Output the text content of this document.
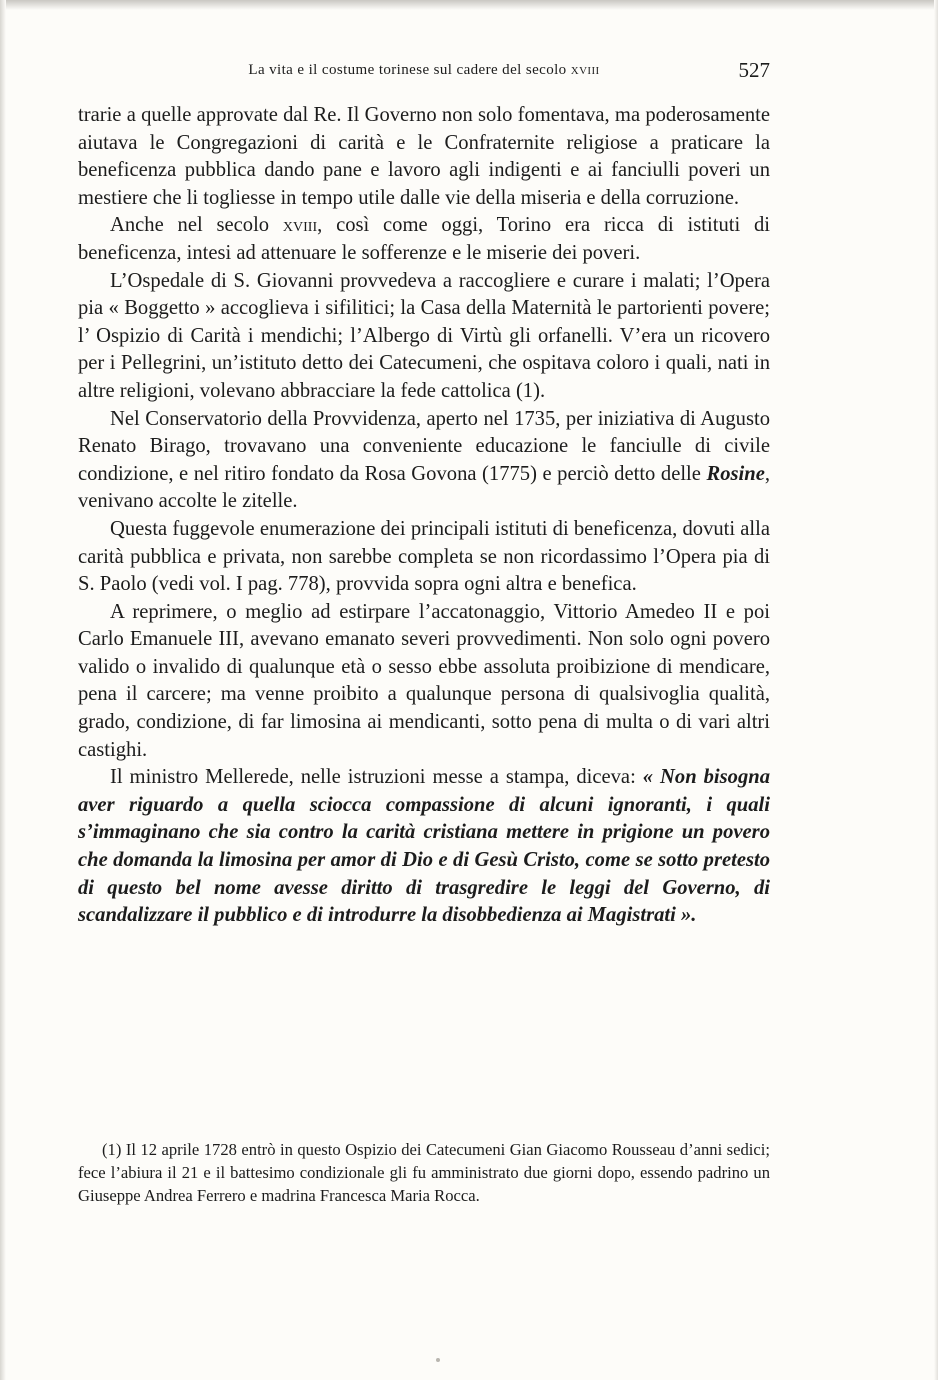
La vita e il costume torinese sul cadere del secolo xviii	527

trarie a quelle approvate dal Re. Il Governo non solo fomentava, ma poderosamente aiutava le Congregazioni di carità e le Confraternite religiose a praticare la beneficenza pubblica dando pane e lavoro agli indigenti e ai fanciulli poveri un mestiere che li togliesse in tempo utile dalle vie della miseria e della corruzione.

Anche nel secolo xviii, così come oggi, Torino era ricca di istituti di beneficenza, intesi ad attenuare le sofferenze e le miserie dei poveri.

L’Ospedale di S. Giovanni provvedeva a raccogliere e curare i malati; l’Opera pia « Boggetto » accoglieva i sifilitici; la Casa della Maternità le partorienti povere; l’ Ospizio di Carità i mendichi; l’Albergo di Virtù gli orfanelli. V’era un ricovero per i Pellegrini, un’istituto detto dei Catecumeni, che ospitava coloro i quali, nati in altre religioni, volevano abbracciare la fede cattolica (1).

Nel Conservatorio della Provvidenza, aperto nel 1735, per iniziativa di Augusto Renato Birago, trovavano una conveniente educazione le fanciulle di civile condizione, e nel ritiro fondato da Rosa Govona (1775) e perciò detto delle Rosine, venivano accolte le zitelle.

Questa fuggevole enumerazione dei principali istituti di beneficenza, dovuti alla carità pubblica e privata, non sarebbe completa se non ricordassimo l’Opera pia di S. Paolo (vedi vol. I pag. 778), provvida sopra ogni altra e benefica.

A reprimere, o meglio ad estirpare l’accatonaggio, Vittorio Amedeo II e poi Carlo Emanuele III, avevano emanato severi provvedimenti. Non solo ogni povero valido o invalido di qualunque età o sesso ebbe assoluta proibizione di mendicare, pena il carcere; ma venne proibito a qualunque persona di qualsivoglia qualità, grado, condizione, di far limosina ai mendicanti, sotto pena di multa o di vari altri castighi.

Il ministro Mellerede, nelle istruzioni messe a stampa, diceva: « Non bisogna aver riguardo a quella sciocca compassione di alcuni ignoranti, i quali s’immaginano che sia contro la carità cristiana mettere in prigione un povero che domanda la limosina per amor di Dio e di Gesù Cristo, come se sotto pretesto di questo bel nome avesse diritto di trasgredire le leggi del Governo, di scandalizzare il pubblico e di introdurre la disobbedienza ai Magistrati ».

(1) Il 12 aprile 1728 entrò in questo Ospizio dei Catecumeni Gian Giacomo Rousseau d’anni sedici; fece l’abiura il 21 e il battesimo condizionale gli fu amministrato due giorni dopo, essendo padrino un Giuseppe Andrea Ferrero e madrina Francesca Maria Rocca.
